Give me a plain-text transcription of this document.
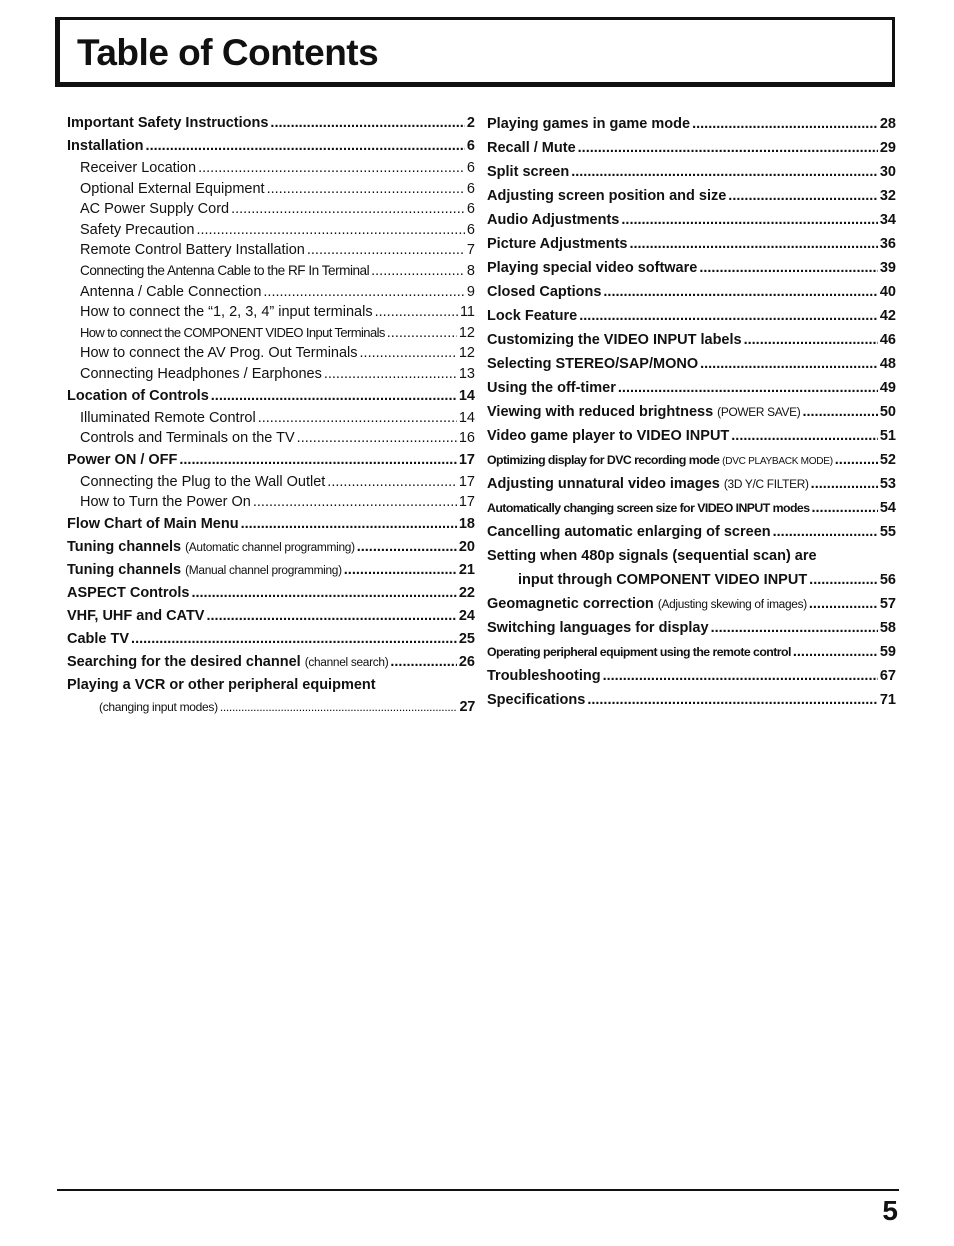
Table of Contents
Important Safety Instructions .....	2
Installation .....	6
Receiver Location .....	6
Optional External Equipment .....	6
AC Power Supply Cord .....	6
Safety Precaution .....	6
Remote Control Battery Installation .....	7
Connecting the Antenna Cable to the RF In Terminal .....	8
Antenna / Cable Connection .....	9
How to connect the “1, 2, 3, 4” input terminals .....	11
How to connect the COMPONENT VIDEO Input Terminals .....	12
How to connect the AV Prog. Out Terminals .....	12
Connecting Headphones / Earphones .....	13
Location of Controls .....	14
Illuminated Remote Control .....	14
Controls and Terminals on the TV .....	16
Power ON / OFF .....	17
Connecting the Plug to the Wall Outlet .....	17
How to Turn the Power On .....	17
Flow Chart of Main Menu .....	18
Tuning channels (Automatic channel programming) .....	20
Tuning channels (Manual channel programming) .....	21
ASPECT Controls .....	22
VHF, UHF and CATV .....	24
Cable TV .....	25
Searching for the desired channel (channel search) .....	26
Playing a VCR or other peripheral equipment
(changing input modes) .....	27
Playing games in game mode .....	28
Recall / Mute .....	29
Split screen .....	30
Adjusting screen position and size .....	32
Audio Adjustments .....	34
Picture Adjustments .....	36
Playing special video software .....	39
Closed Captions .....	40
Lock Feature .....	42
Customizing the VIDEO INPUT labels .....	46
Selecting STEREO/SAP/MONO .....	48
Using the off-timer .....	49
Viewing with reduced brightness (POWER SAVE) .....	50
Video game player to VIDEO INPUT .....	51
Optimizing display for DVC recording mode (DVC PLAYBACK MODE) .....	52
Adjusting unnatural video images (3D Y/C FILTER) .....	53
Automatically changing screen size for VIDEO INPUT modes .....	54
Cancelling automatic enlarging of screen .....	55
Setting when 480p signals (sequential scan) are
input through COMPONENT VIDEO INPUT .....	56
Geomagnetic correction (Adjusting skewing of images) .....	57
Switching languages for display .....	58
Operating peripheral equipment using the remote control .....	59
Troubleshooting .....	67
Specifications .....	71
5
